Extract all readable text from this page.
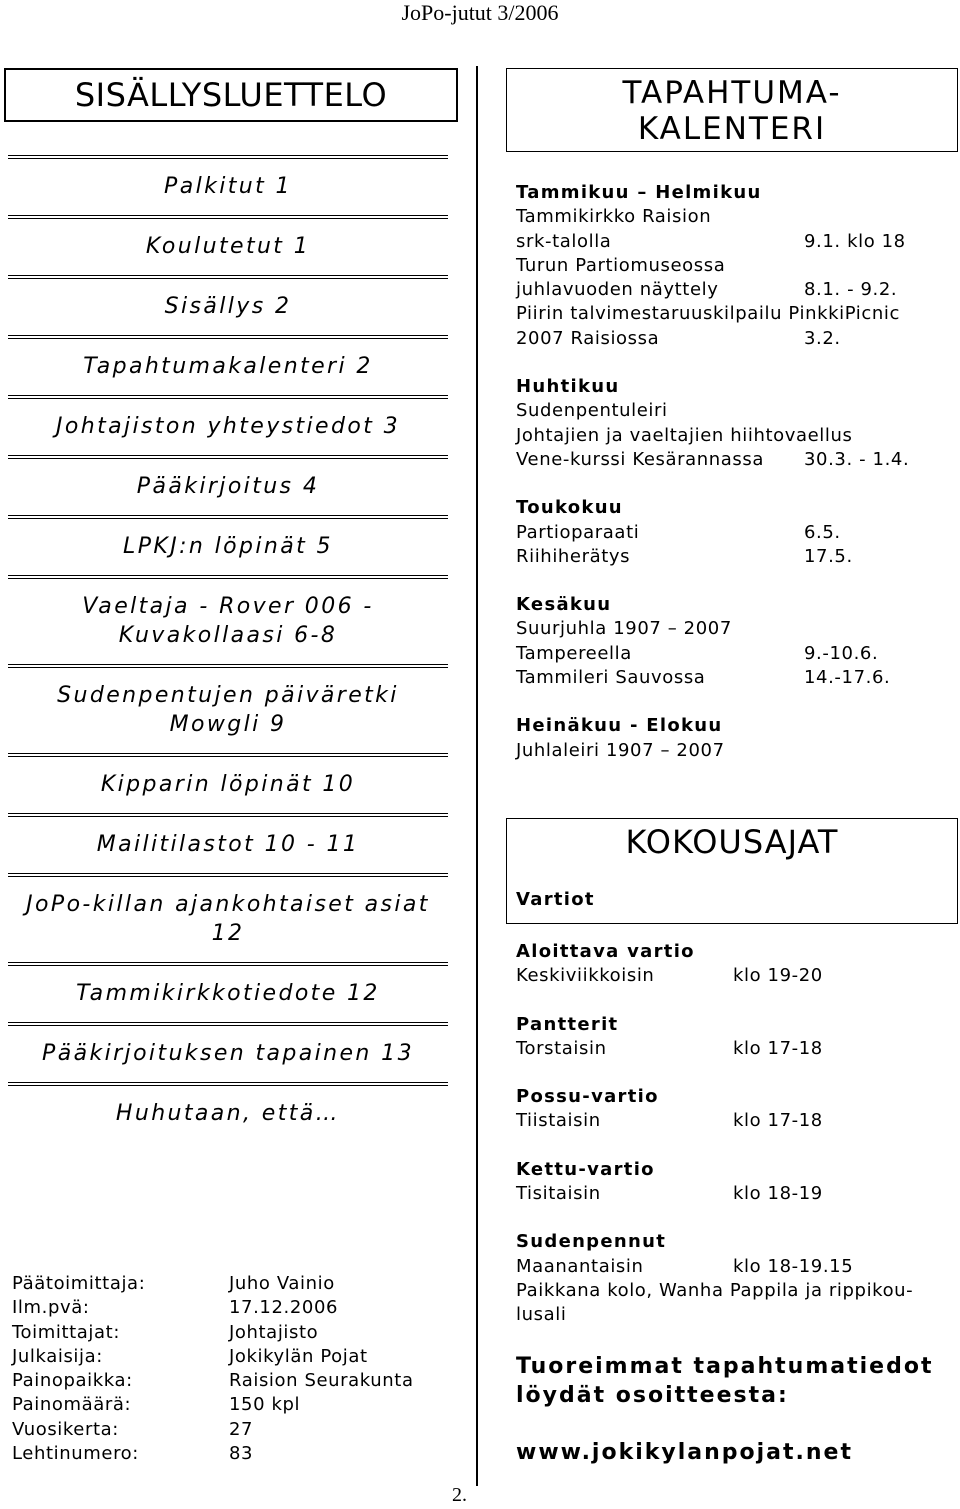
JoPo-jutut 3/2006
SISÄLLYSLUETTELO
Palkitut 1
Koulutetut 1
Sisällys 2
Tapahtumakalenteri 2
Johtajiston yhteystiedot 3
Pääkirjoitus 4
LPKJ:n löpinät 5
Vaeltaja - Rover 006 -
Kuvakollaasi 6-8
Sudenpentujen päiväretki
Mowgli 9
Kipparin löpinät 10
Mailitilastot 10 - 11
JoPo-killan ajankohtaiset asiat
12
Tammikirkkotiedote 12
Pääkirjoituksen tapainen 13
Huhutaan, että…
Päätoimittaja:	Juho Vainio
Ilm.pvä:	17.12.2006
Toimittajat:	Johtajisto
Julkaisija:	Jokikylän Pojat
Painopaikka:	Raision Seurakunta
Painomäärä:	150 kpl
Vuosikerta:	27
Lehtinumero:	83
TAPAHTUMA-
KALENTERI
Tammikuu – Helmikuu
Tammikirkko Raision
srk-talolla	9.1. klo 18
Turun Partiomuseossa
juhlavuoden näyttely	8.1. - 9.2.
Piirin talvimestaruuskilpailu PinkkiPicnic
2007 Raisiossa	3.2.
Huhtikuu
Sudenpentuleiri
Johtajien ja vaeltajien hiihtovaellus
Vene-kurssi Kesärannassa	30.3. - 1.4.
Toukokuu
Partioparaati	6.5.
Riihiherätys	17.5.
Kesäkuu
Suurjuhla 1907 – 2007
Tampereella	9.-10.6.
Tammileri Sauvossa	14.-17.6.
Heinäkuu - Elokuu
Juhlaleiri 1907 – 2007
KOKOUSAJAT
Vartiot
Aloittava vartio
Keskiviikkoisin	klo 19-20
Pantterit
Torstaisin	klo 17-18
Possu-vartio
Tiistaisin	klo 17-18
Kettu-vartio
Tisitaisin	klo 18-19
Sudenpennut
Maanantaisin	klo 18-19.15
Paikkana kolo, Wanha Pappila ja rippikou-
lusali
Tuoreimmat tapahtumatiedot
löydät osoitteesta:
www.jokikylanpojat.net
2.
